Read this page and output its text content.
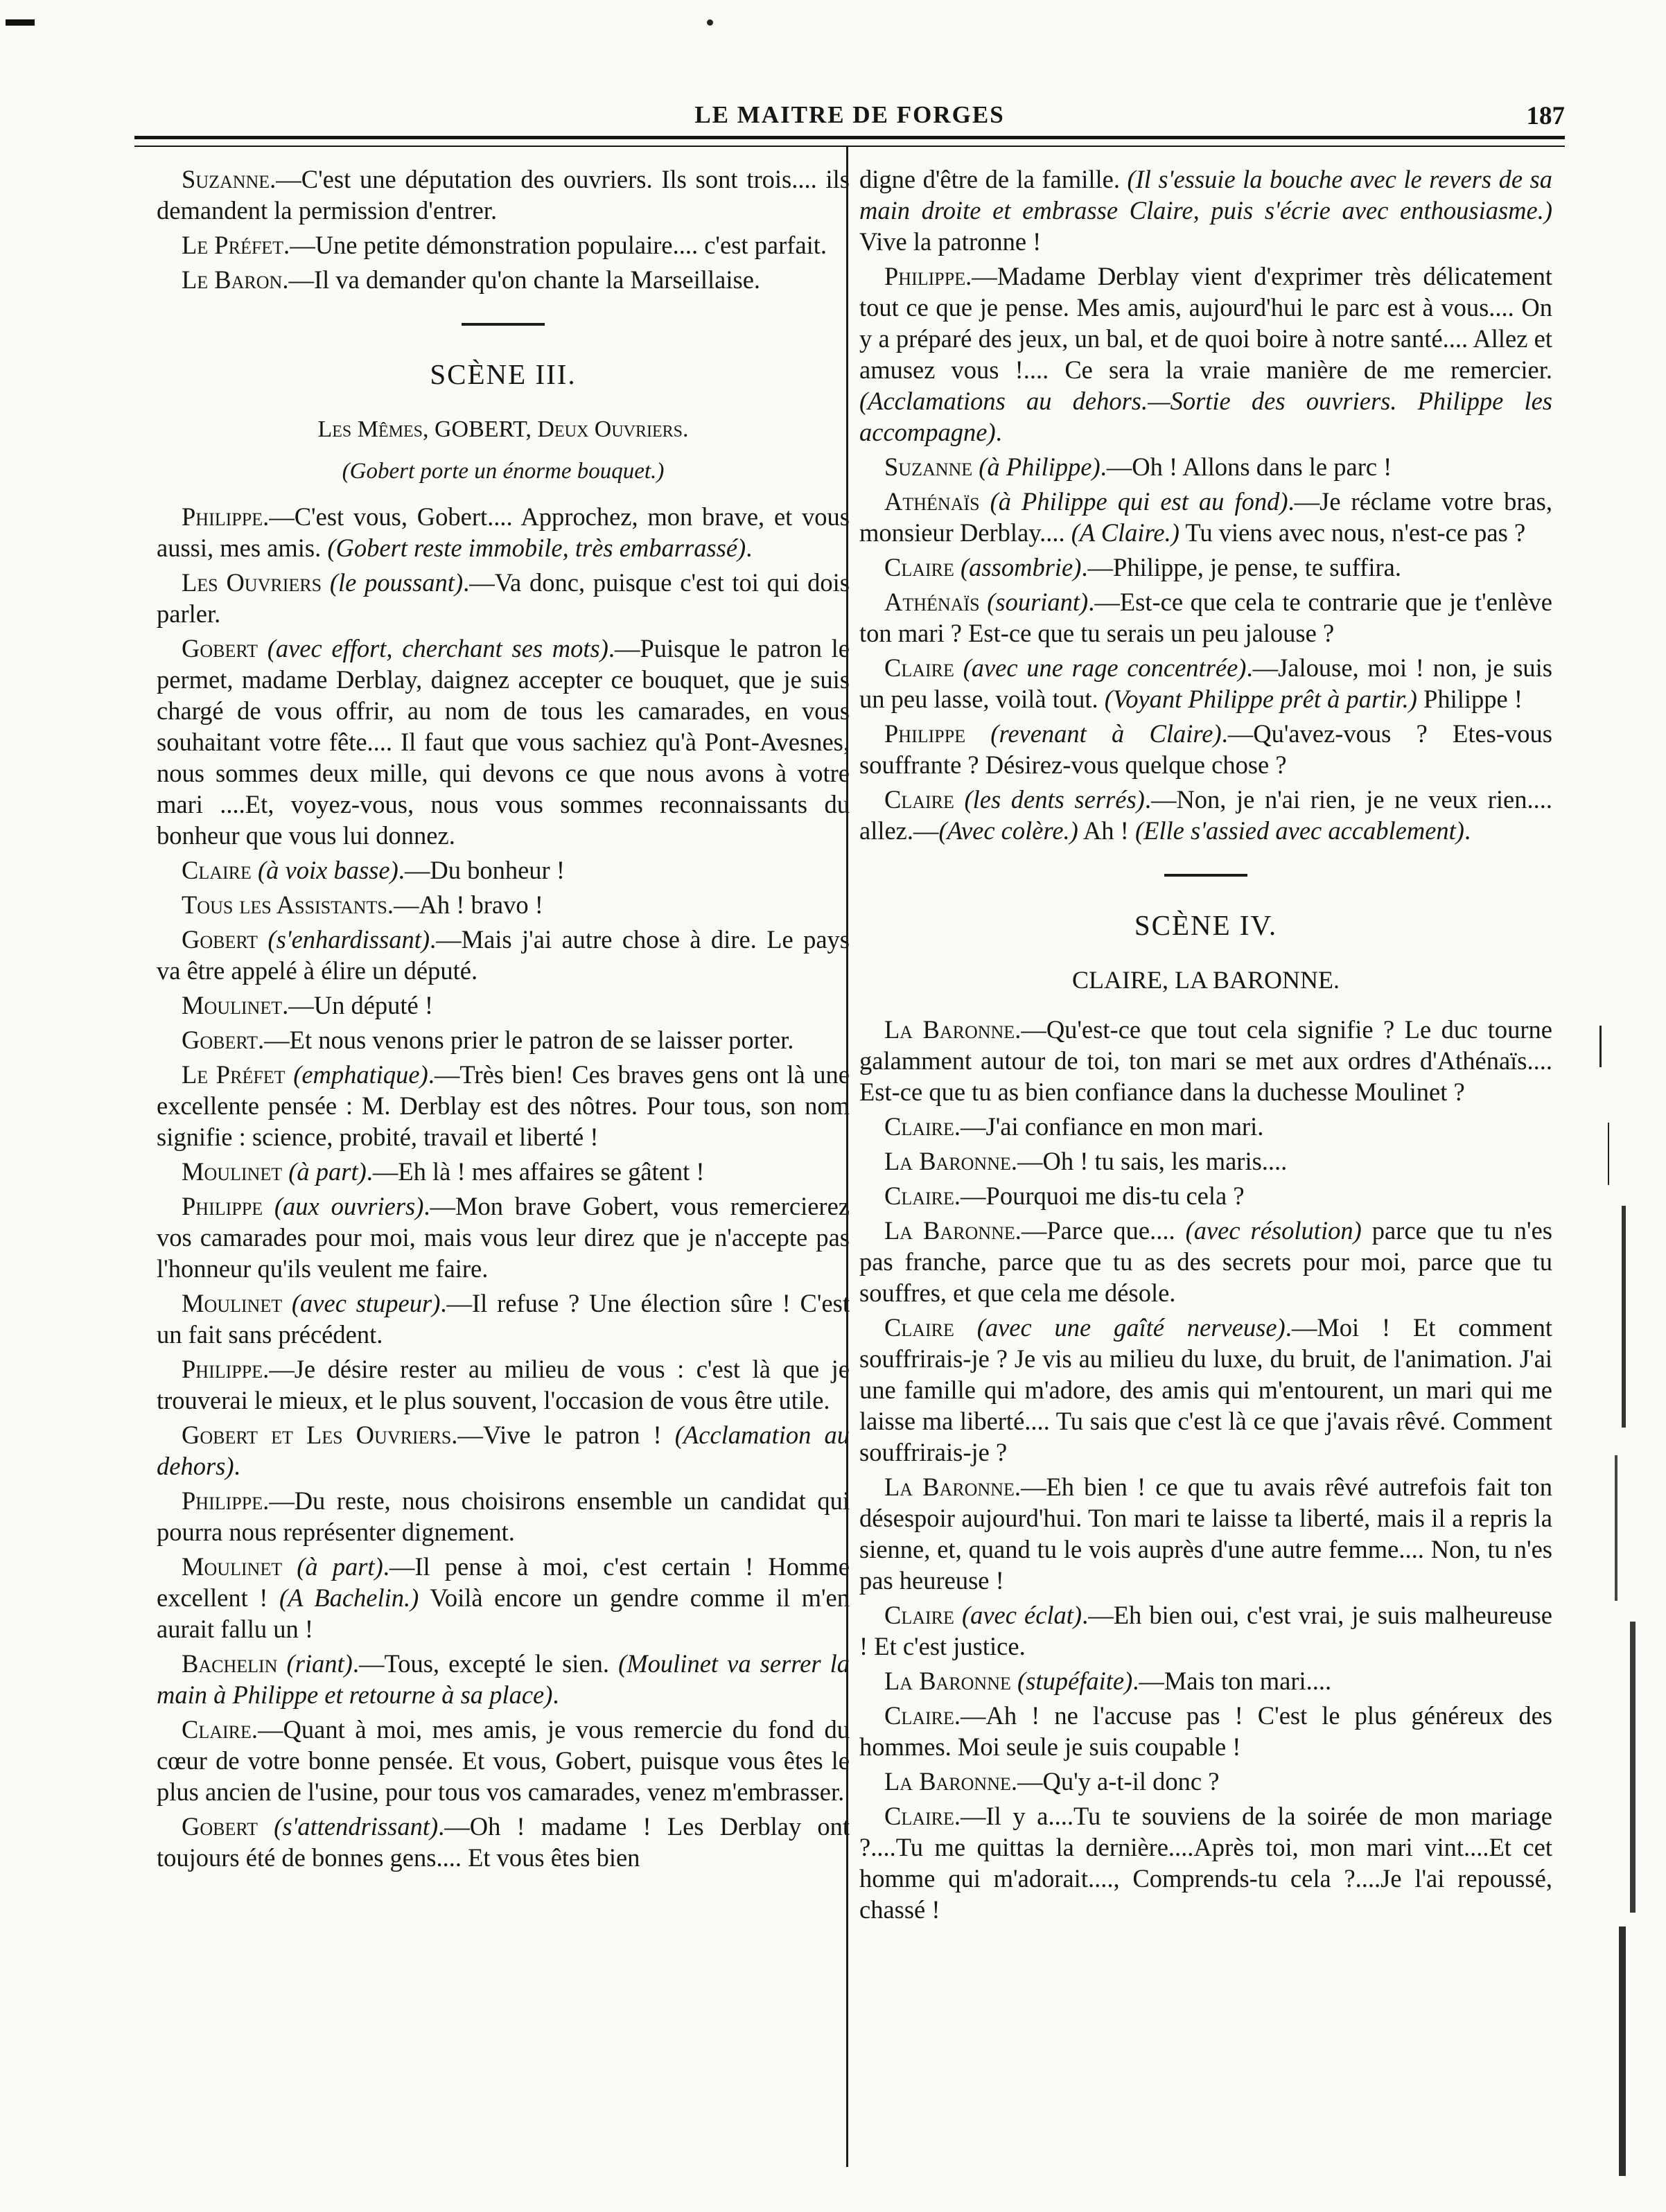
LE MAITRE DE FORGES	187

Suzanne.—C'est une députation des ouvriers. Ils sont trois.... ils demandent la permission d'entrer.

Le Préfet.—Une petite démonstration populaire.... c'est parfait.

Le Baron.—Il va demander qu'on chante la Marseillaise.

SCÈNE III.
Les Mêmes, GOBERT, Deux Ouvriers.
(Gobert porte un énorme bouquet.)

Philippe.—C'est vous, Gobert.... Approchez, mon brave, et vous aussi, mes amis. (Gobert reste immobile, très embarrassé).

Les Ouvriers (le poussant).—Va donc, puisque c'est toi qui dois parler.

Gobert (avec effort, cherchant ses mots).—Puisque le patron le permet, madame Derblay, daignez accepter ce bouquet, que je suis chargé de vous offrir, au nom de tous les camarades, en vous souhaitant votre fête.... Il faut que vous sachiez qu'à Pont-Avesnes, nous sommes deux mille, qui devons ce que nous avons à votre mari ....Et, voyez-vous, nous vous sommes reconnaissants du bonheur que vous lui donnez.

Claire (à voix basse).—Du bonheur !

Tous les Assistants.—Ah ! bravo !

Gobert (s'enhardissant).—Mais j'ai autre chose à dire. Le pays va être appelé à élire un député.

Moulinet.—Un député !

Gobert.—Et nous venons prier le patron de se laisser porter.

Le Préfet (emphatique).—Très bien! Ces braves gens ont là une excellente pensée : M. Derblay est des nôtres. Pour tous, son nom signifie : science, probité, travail et liberté !

Moulinet (à part).—Eh là ! mes affaires se gâtent !

Philippe (aux ouvriers).—Mon brave Gobert, vous remercierez vos camarades pour moi, mais vous leur direz que je n'accepte pas l'honneur qu'ils veulent me faire.

Moulinet (avec stupeur).—Il refuse ? Une élection sûre ! C'est un fait sans précédent.

Philippe.—Je désire rester au milieu de vous : c'est là que je trouverai le mieux, et le plus souvent, l'occasion de vous être utile.

Gobert et Les Ouvriers.—Vive le patron ! (Acclamation au dehors).

Philippe.—Du reste, nous choisirons ensemble un candidat qui pourra nous représenter dignement.

Moulinet (à part).—Il pense à moi, c'est certain ! Homme excellent ! (A Bachelin.) Voilà encore un gendre comme il m'en aurait fallu un !

Bachelin (riant).—Tous, excepté le sien. (Moulinet va serrer la main à Philippe et retourne à sa place).

Claire.—Quant à moi, mes amis, je vous remercie du fond du cœur de votre bonne pensée. Et vous, Gobert, puisque vous êtes le plus ancien de l'usine, pour tous vos camarades, venez m'embrasser.

Gobert (s'attendrissant).—Oh ! madame ! Les Derblay ont toujours été de bonnes gens.... Et vous êtes bien

digne d'être de la famille. (Il s'essuie la bouche avec le revers de sa main droite et embrasse Claire, puis s'écrie avec enthousiasme.) Vive la patronne !

Philippe.—Madame Derblay vient d'exprimer très délicatement tout ce que je pense. Mes amis, aujourd'hui le parc est à vous.... On y a préparé des jeux, un bal, et de quoi boire à notre santé.... Allez et amusez vous !.... Ce sera la vraie manière de me remercier. (Acclamations au dehors.—Sortie des ouvriers. Philippe les accompagne).

Suzanne (à Philippe).—Oh ! Allons dans le parc !

Athénaïs (à Philippe qui est au fond).—Je réclame votre bras, monsieur Derblay.... (A Claire.) Tu viens avec nous, n'est-ce pas ?

Claire (assombrie).—Philippe, je pense, te suffira.

Athénaïs (souriant).—Est-ce que cela te contrarie que je t'enlève ton mari ? Est-ce que tu serais un peu jalouse ?

Claire (avec une rage concentrée).—Jalouse, moi ! non, je suis un peu lasse, voilà tout. (Voyant Philippe prêt à partir.) Philippe !

Philippe (revenant à Claire).—Qu'avez-vous ? Etes-vous souffrante ? Désirez-vous quelque chose ?

Claire (les dents serrés).—Non, je n'ai rien, je ne veux rien.... allez.—(Avec colère.) Ah ! (Elle s'assied avec accablement).

SCÈNE IV.
CLAIRE, LA BARONNE.

La Baronne.—Qu'est-ce que tout cela signifie ? Le duc tourne galamment autour de toi, ton mari se met aux ordres d'Athénaïs.... Est-ce que tu as bien confiance dans la duchesse Moulinet ?

Claire.—J'ai confiance en mon mari.

La Baronne.—Oh ! tu sais, les maris....

Claire.—Pourquoi me dis-tu cela ?

La Baronne.—Parce que.... (avec résolution) parce que tu n'es pas franche, parce que tu as des secrets pour moi, parce que tu souffres, et que cela me désole.

Claire (avec une gaîté nerveuse).—Moi ! Et comment souffrirais-je ? Je vis au milieu du luxe, du bruit, de l'animation. J'ai une famille qui m'adore, des amis qui m'entourent, un mari qui me laisse ma liberté.... Tu sais que c'est là ce que j'avais rêvé. Comment souffrirais-je ?

La Baronne.—Eh bien ! ce que tu avais rêvé autrefois fait ton désespoir aujourd'hui. Ton mari te laisse ta liberté, mais il a repris la sienne, et, quand tu le vois auprès d'une autre femme.... Non, tu n'es pas heureuse !

Claire (avec éclat).—Eh bien oui, c'est vrai, je suis malheureuse ! Et c'est justice.

La Baronne (stupéfaite).—Mais ton mari....

Claire.—Ah ! ne l'accuse pas ! C'est le plus généreux des hommes. Moi seule je suis coupable !

La Baronne.—Qu'y a-t-il donc ?

Claire.—Il y a....Tu te souviens de la soirée de mon mariage ?....Tu me quittas la dernière....Après toi, mon mari vint....Et cet homme qui m'adorait...., Comprends-tu cela ?....Je l'ai repoussé, chassé !
